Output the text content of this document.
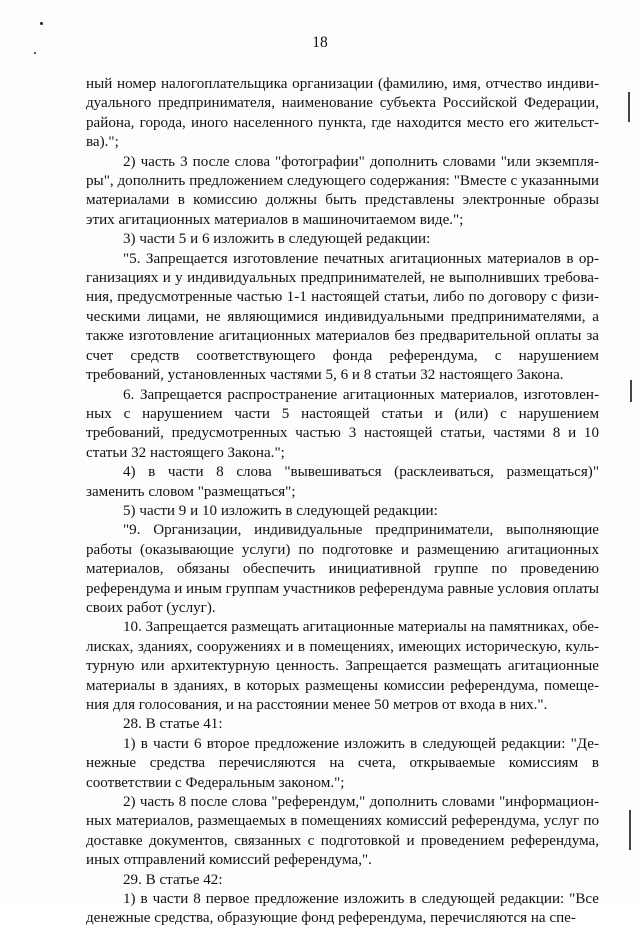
18

ный номер налогоплательщика организации (фамилию, имя, отчество индивидуального предпринимателя, наименование субъекта Российской Федерации, района, города, иного населенного пункта, где находится место его жительства).";

2) часть 3 после слова "фотографии" дополнить словами "или экземпляры", дополнить предложением следующего содержания: "Вместе с указанными материалами в комиссию должны быть представлены электронные образы этих агитационных материалов в машиночитаемом виде.";

3) части 5 и 6 изложить в следующей редакции:

"5. Запрещается изготовление печатных агитационных материалов в организациях и у индивидуальных предпринимателей, не выполнивших требования, предусмотренные частью 1-1 настоящей статьи, либо по договору с физическими лицами, не являющимися индивидуальными предпринимателями, а также изготовление агитационных материалов без предварительной оплаты за счет средств соответствующего фонда референдума, с нарушением требований, установленных частями 5, 6 и 8 статьи 32 настоящего Закона.

6. Запрещается распространение агитационных материалов, изготовленных с нарушением части 5 настоящей статьи и (или) с нарушением требований, предусмотренных частью 3 настоящей статьи, частями 8 и 10 статьи 32 настоящего Закона.";

4) в части 8 слова "вывешиваться (расклеиваться, размещаться)" заменить словом "размещаться";

5) части 9 и 10 изложить в следующей редакции:

"9. Организации, индивидуальные предприниматели, выполняющие работы (оказывающие услуги) по подготовке и размещению агитационных материалов, обязаны обеспечить инициативной группе по проведению референдума и иным группам участников референдума равные условия оплаты своих работ (услуг).

10. Запрещается размещать агитационные материалы на памятниках, обелисках, зданиях, сооружениях и в помещениях, имеющих историческую, культурную или архитектурную ценность. Запрещается размещать агитационные материалы в зданиях, в которых размещены комиссии референдума, помещения для голосования, и на расстоянии менее 50 метров от входа в них.".

28. В статье 41:

1) в части 6 второе предложение изложить в следующей редакции: "Денежные средства перечисляются на счета, открываемые комиссиям в соответствии с Федеральным законом.";

2) часть 8 после слова "референдум," дополнить словами "информационных материалов, размещаемых в помещениях комиссий референдума, услуг по доставке документов, связанных с подготовкой и проведением референдума, иных отправлений комиссий референдума,".

29. В статье 42:

1) в части 8 первое предложение изложить в следующей редакции: "Все денежные средства, образующие фонд референдума, перечисляются на спе-
